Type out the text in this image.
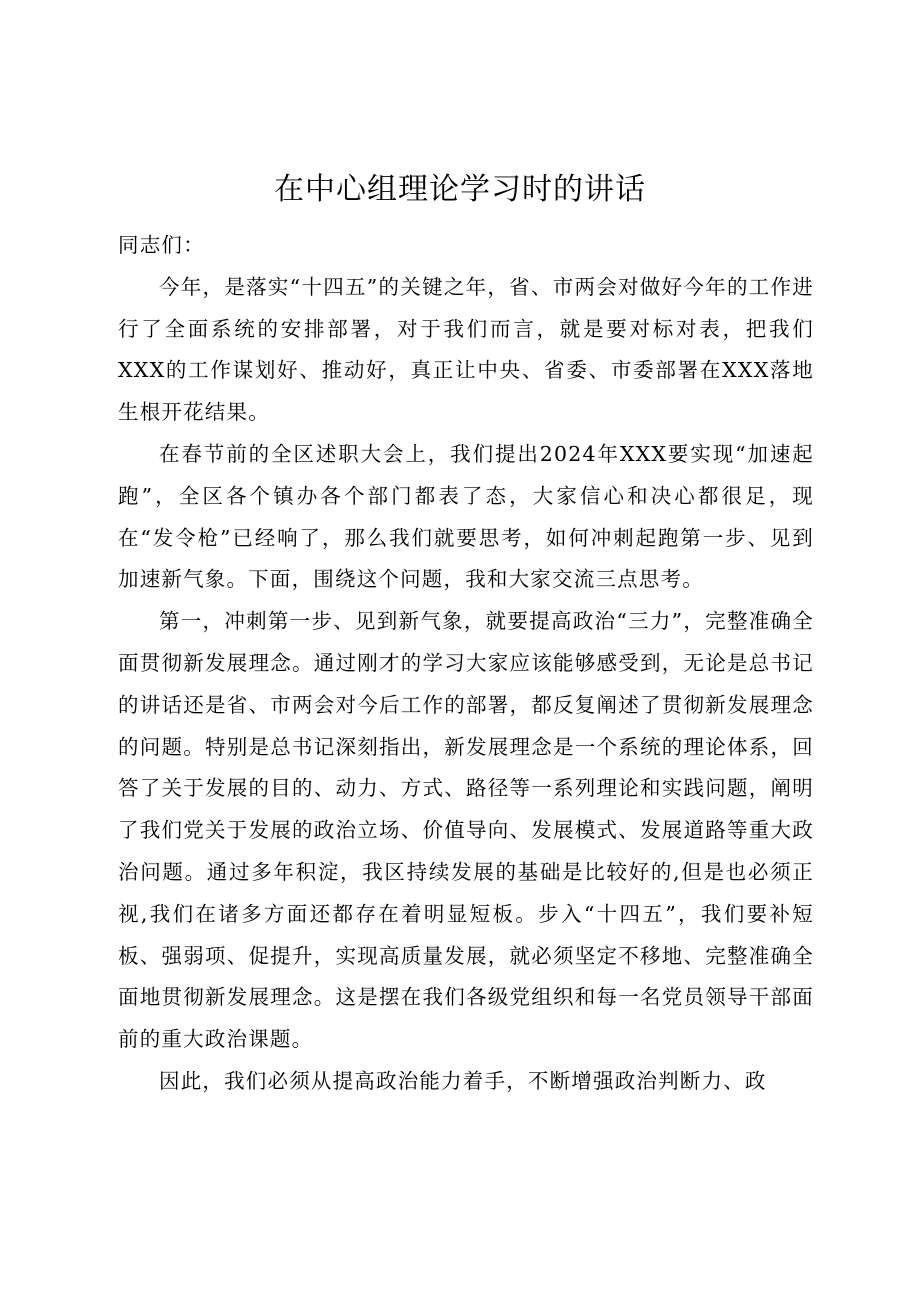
在中心组理论学习时的讲话

同志们：

今年，是落实“十四五”的关键之年，省、市两会对做好今年的工作进行了全面系统的安排部署，对于我们而言，就是要对标对表，把我们XXX的工作谋划好、推动好，真正让中央、省委、市委部署在XXX落地生根开花结果。

在春节前的全区述职大会上，我们提出2024年XXX要实现“加速起跑”，全区各个镇办各个部门都表了态，大家信心和决心都很足，现在“发令枪”已经响了，那么我们就要思考，如何冲刺起跑第一步、见到加速新气象。下面，围绕这个问题，我和大家交流三点思考。

第一，冲刺第一步、见到新气象，就要提高政治“三力”，完整准确全面贯彻新发展理念。通过刚才的学习大家应该能够感受到，无论是总书记的讲话还是省、市两会对今后工作的部署，都反复阐述了贯彻新发展理念的问题。特别是总书记深刻指出，新发展理念是一个系统的理论体系，回答了关于发展的目的、动力、方式、路径等一系列理论和实践问题，阐明了我们党关于发展的政治立场、价值导向、发展模式、发展道路等重大政治问题。通过多年积淀，我区持续发展的基础是比较好的,但是也必须正视,我们在诸多方面还都存在着明显短板。步入“十四五”，我们要补短板、强弱项、促提升，实现高质量发展，就必须坚定不移地、完整准确全面地贯彻新发展理念。这是摆在我们各级党组织和每一名党员领导干部面前的重大政治课题。

因此，我们必须从提高政治能力着手，不断增强政治判断力、政
